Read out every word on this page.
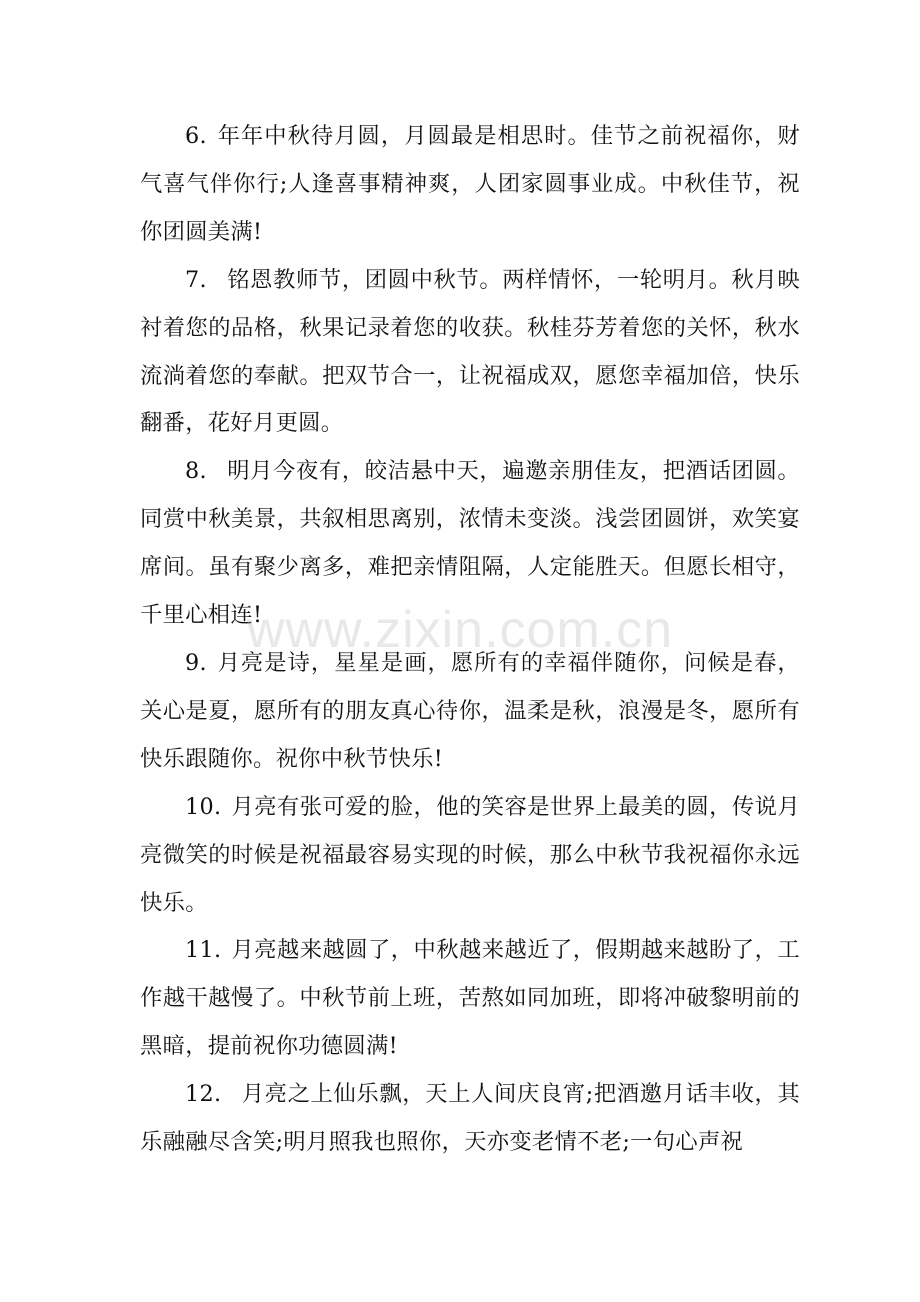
6. 年年中秋待月圆，月圆最是相思时。佳节之前祝福你，财气喜气伴你行;人逢喜事精神爽，人团家圆事业成。中秋佳节，祝你团圆美满!

7. 铭恩教师节，团圆中秋节。两样情怀，一轮明月。秋月映衬着您的品格，秋果记录着您的收获。秋桂芬芳着您的关怀，秋水流淌着您的奉献。把双节合一，让祝福成双，愿您幸福加倍，快乐翻番，花好月更圆。

8. 明月今夜有，皎洁悬中天，遍邀亲朋佳友，把酒话团圆。同赏中秋美景，共叙相思离别，浓情未变淡。浅尝团圆饼，欢笑宴席间。虽有聚少离多，难把亲情阻隔，人定能胜天。但愿长相守，千里心相连!

9. 月亮是诗，星星是画，愿所有的幸福伴随你，问候是春，关心是夏，愿所有的朋友真心待你，温柔是秋，浪漫是冬，愿所有快乐跟随你。祝你中秋节快乐!

10. 月亮有张可爱的脸，他的笑容是世界上最美的圆，传说月亮微笑的时候是祝福最容易实现的时候，那么中秋节我祝福你永远快乐。

11. 月亮越来越圆了，中秋越来越近了，假期越来越盼了，工作越干越慢了。中秋节前上班，苦熬如同加班，即将冲破黎明前的黑暗，提前祝你功德圆满!

12. 月亮之上仙乐飘，天上人间庆良宵;把酒邀月话丰收，其乐融融尽含笑;明月照我也照你，天亦变老情不老;一句心声祝

www.zixin.com.cn
